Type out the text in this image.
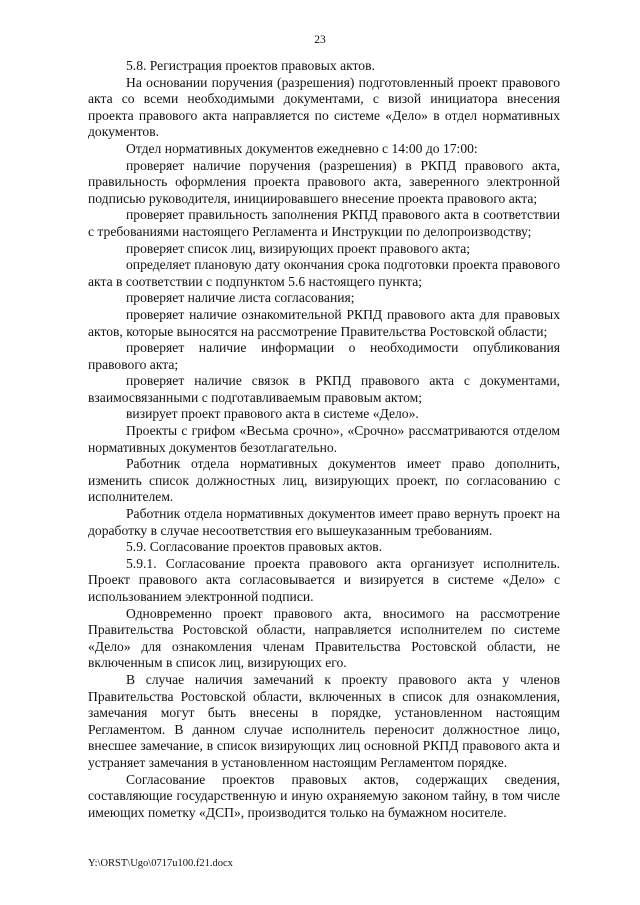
23

5.8. Регистрация проектов правовых актов.

На основании поручения (разрешения) подготовленный проект правового акта со всеми необходимыми документами, с визой инициатора внесения проекта правового акта направляется по системе «Дело» в отдел нормативных документов.

Отдел нормативных документов ежедневно с 14:00 до 17:00:

проверяет наличие поручения (разрешения) в РКПД правового акта, правильность оформления проекта правового акта, заверенного электронной подписью руководителя, инициировавшего внесение проекта правового акта;

проверяет правильность заполнения РКПД правового акта в соответствии с требованиями настоящего Регламента и Инструкции по делопроизводству;

проверяет список лиц, визирующих проект правового акта;

определяет плановую дату окончания срока подготовки проекта правового акта в соответствии с подпунктом 5.6 настоящего пункта;

проверяет наличие листа согласования;

проверяет наличие ознакомительной РКПД правового акта для правовых актов, которые выносятся на рассмотрение Правительства Ростовской области;

проверяет наличие информации о необходимости опубликования правового акта;

проверяет наличие связок в РКПД правового акта с документами, взаимосвязанными с подготавливаемым правовым актом;

визирует проект правового акта в системе «Дело».

Проекты с грифом «Весьма срочно», «Срочно» рассматриваются отделом нормативных документов безотлагательно.

Работник отдела нормативных документов имеет право дополнить, изменить список должностных лиц, визирующих проект, по согласованию с исполнителем.

Работник отдела нормативных документов имеет право вернуть проект на доработку в случае несоответствия его вышеуказанным требованиям.

5.9. Согласование проектов правовых актов.

5.9.1. Согласование проекта правового акта организует исполнитель. Проект правового акта согласовывается и визируется в системе «Дело» с использованием электронной подписи.

Одновременно проект правового акта, вносимого на рассмотрение Правительства Ростовской области, направляется исполнителем по системе «Дело» для ознакомления членам Правительства Ростовской области, не включенным в список лиц, визирующих его.

В случае наличия замечаний к проекту правового акта у членов Правительства Ростовской области, включенных в список для ознакомления, замечания могут быть внесены в порядке, установленном настоящим Регламентом. В данном случае исполнитель переносит должностное лицо, внесшее замечание, в список визирующих лиц основной РКПД правового акта и устраняет замечания в установленном настоящим Регламентом порядке.

Согласование проектов правовых актов, содержащих сведения, составляющие государственную и иную охраняемую законом тайну, в том числе имеющих пометку «ДСП», производится только на бумажном носителе.

Y:\ORST\Ugo\0717u100.f21.docx
